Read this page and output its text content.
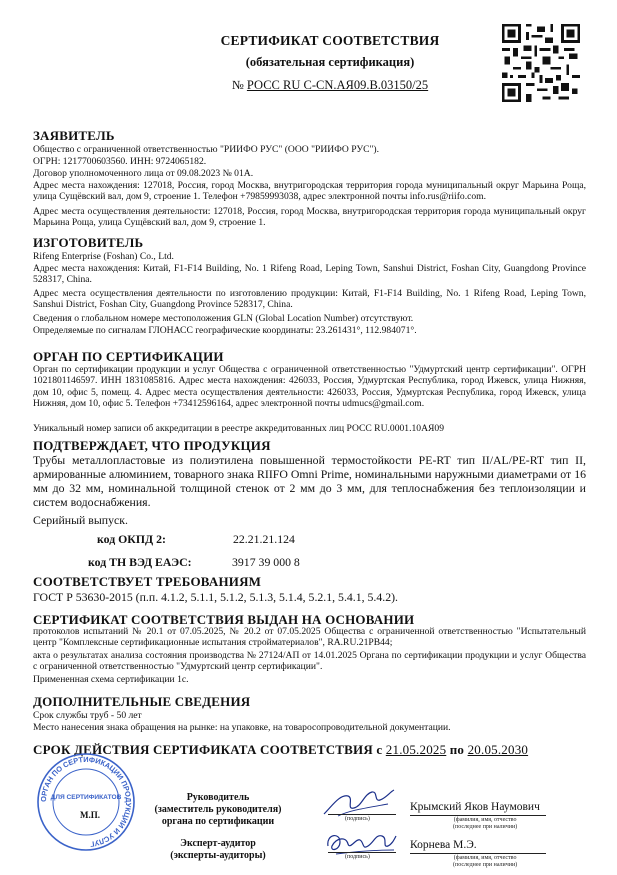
СЕРТИФИКАТ СООТВЕТСТВИЯ
(обязательная сертификация)
№ РОСС RU C-CN.АЯ09.В.03150/25
ЗАЯВИТЕЛЬ
Общество с ограниченной ответственностью "РИИФО РУС" (ООО "РИИФО РУС").
ОГРН: 1217700603560. ИНН: 9724065182.
Договор уполномоченного лица от 09.08.2023 № 01А.
Адрес места нахождения: 127018, Россия, город Москва, внутригородская территория города муниципальный округ Марьина Роща, улица Сущёвский вал, дом 9, строение 1. Телефон +79859993038, адрес электронной почты info.rus@riifo.com.
Адрес места осуществления деятельности: 127018, Россия, город Москва, внутригородская территория города муниципальный округ Марьина Роща, улица Сущёвский вал, дом 9, строение 1.
ИЗГОТОВИТЕЛЬ
Rifeng Enterprise (Foshan) Co., Ltd.
Адрес места нахождения: Китай, F1-F14 Building, No. 1 Rifeng Road, Leping Town, Sanshui District, Foshan City, Guangdong Province 528317, China.
Адрес места осуществления деятельности по изготовлению продукции: Китай, F1-F14 Building, No. 1 Rifeng Road, Leping Town, Sanshui District, Foshan City, Guangdong Province 528317, China.
Сведения о глобальном номере местоположения GLN (Global Location Number) отсутствуют.
Определяемые по сигналам ГЛОНАСС географические координаты: 23.261431°, 112.984071°.
ОРГАН ПО СЕРТИФИКАЦИИ
Орган по сертификации продукции и услуг Общества с ограниченной ответственностью "Удмуртский центр сертификации". ОГРН 1021801146597. ИНН 1831085816. Адрес места нахождения: 426033, Россия, Удмуртская Республика, город Ижевск, улица Нижняя, дом 10, офис 5, помещ. 4. Адрес места осуществления деятельности: 426033, Россия, Удмуртская Республика, город Ижевск, улица Нижняя, дом 10, офис 5. Телефон +73412596164, адрес электронной почты udmucs@gmail.com.
Уникальный номер записи об аккредитации в реестре аккредитованных лиц РОСС RU.0001.10АЯ09
ПОДТВЕРЖДАЕТ, ЧТО ПРОДУКЦИЯ
Трубы металлопластовые из полиэтилена повышенной термостойкости PE-RT тип II/AL/PE-RT тип II, армированные алюминием, товарного знака RIIFO Omni Prime, номинальными наружными диаметрами от 16 мм до 32 мм, номинальной толщиной стенок от 2 мм до 3 мм, для теплоснабжения без теплоизоляции и систем водоснабжения.
Серийный выпуск.
код ОКПД 2:	22.21.21.124
код ТН ВЭД ЕАЭС:	3917 39 000 8
СООТВЕТСТВУЕТ ТРЕБОВАНИЯМ
ГОСТ Р 53630-2015 (п.п. 4.1.2, 5.1.1, 5.1.2, 5.1.3, 5.1.4, 5.2.1, 5.4.1, 5.4.2).
СЕРТИФИКАТ СООТВЕТСТВИЯ ВЫДАН НА ОСНОВАНИИ
протоколов испытаний № 20.1 от 07.05.2025, № 20.2 от 07.05.2025 Общества с ограниченной ответственностью "Испытательный центр "Комплексные сертификационные испытания стройматериалов", RA.RU.21PB44;
акта о результатах анализа состояния производства № 27124/АП от 14.01.2025 Органа по сертификации продукции и услуг Общества с ограниченной ответственностью "Удмуртский центр сертификации".
Примененная схема сертификации 1с.
ДОПОЛНИТЕЛЬНЫЕ СВЕДЕНИЯ
Срок службы труб - 50 лет
Место нанесения знака обращения на рынке: на упаковке, на товаросопроводительной документации.
СРОК ДЕЙСТВИЯ СЕРТИФИКАТА СООТВЕТСТВИЯ с 21.05.2025 по 20.05.2030
ОРГАН ПО СЕРТИФИКАЦИИ ПРОДУКЦИИ И УСЛУГ
ДЛЯ СЕРТИФИКАТОВ
М.П.
Руководитель
(заместитель руководителя)
органа по сертификации
Эксперт-аудитор
(эксперты-аудиторы)
(подпись)
Крымский Яков Наумович
(фамилия, имя, отчество
(последнее при наличии)
(подпись)
Корнева М.Э.
(фамилия, имя, отчество
(последнее при наличии)
